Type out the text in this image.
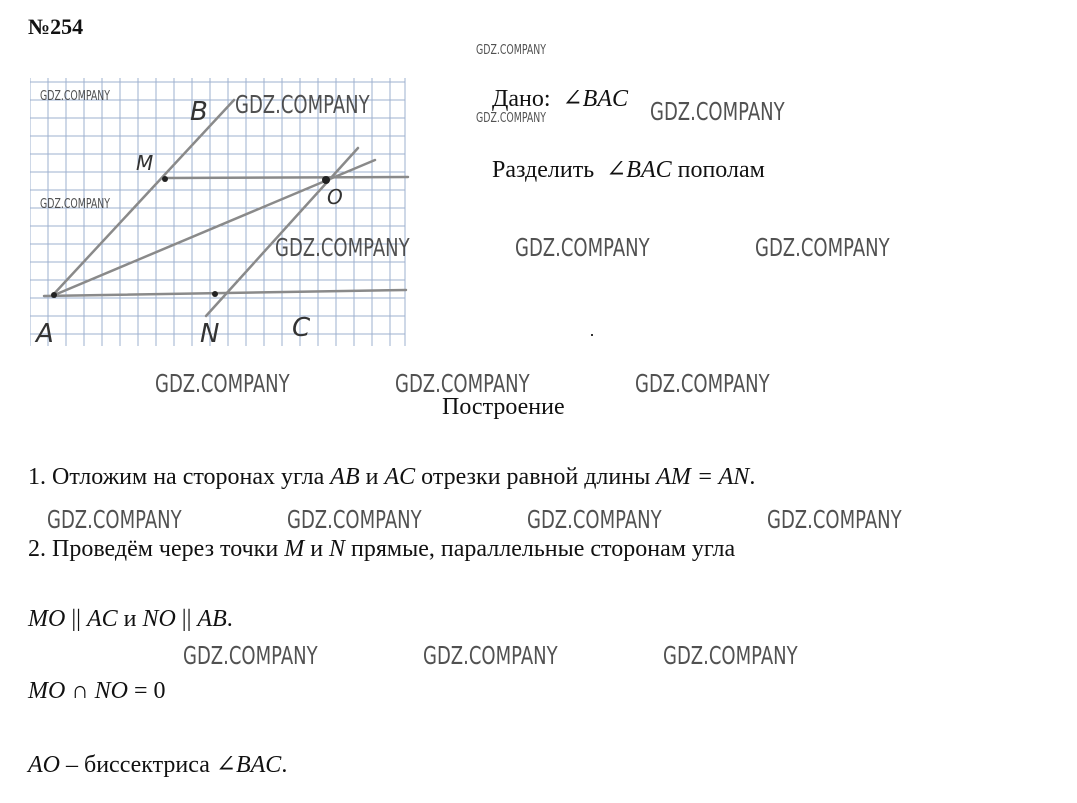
№254
B
M
O
A	N	C
Дано:  ∠BAC
Разделить  ∠BAC пополам
Построение
1. Отложим на сторонах угла AB и AC отрезки равной длины AM = AN.
2. Проведём через точки M и N прямые, параллельные сторонам угла
MO || AC и NO || AB.
MO ∩ NO = 0
AO – биссектриса ∠BAC.
GDZ.COMPANY
GDZ.COMPANY	GDZ.COMPANY	GDZ.COMPANY	GDZ.COMPANY
GDZ.COMPANY
GDZ.COMPANY	GDZ.COMPANY	GDZ.COMPANY
GDZ.COMPANY	GDZ.COMPANY	GDZ.COMPANY
GDZ.COMPANY	GDZ.COMPANY	GDZ.COMPANY	GDZ.COMPANY
GDZ.COMPANY	GDZ.COMPANY	GDZ.COMPANY
